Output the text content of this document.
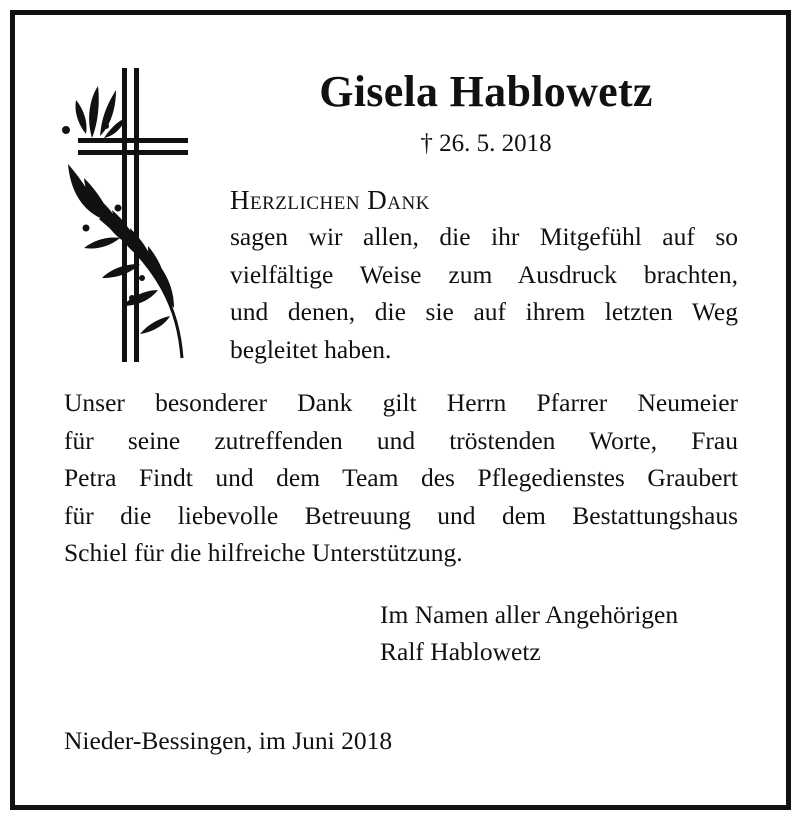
Gisela Hablowetz
† 26. 5. 2018
Herzlichen Dank
sagen wir allen, die ihr Mitgefühl auf so
vielfältige Weise zum Ausdruck brachten,
und denen, die sie auf ihrem letzten Weg
begleitet haben.
Unser besonderer Dank gilt Herrn Pfarrer Neumeier
für seine zutreffenden und tröstenden Worte, Frau
Petra Findt und dem Team des Pflegedienstes Graubert
für die liebevolle Betreuung und dem Bestattungshaus
Schiel für die hilfreiche Unterstützung.
Im Namen aller Angehörigen
Ralf Hablowetz
Nieder-Bessingen, im Juni 2018
